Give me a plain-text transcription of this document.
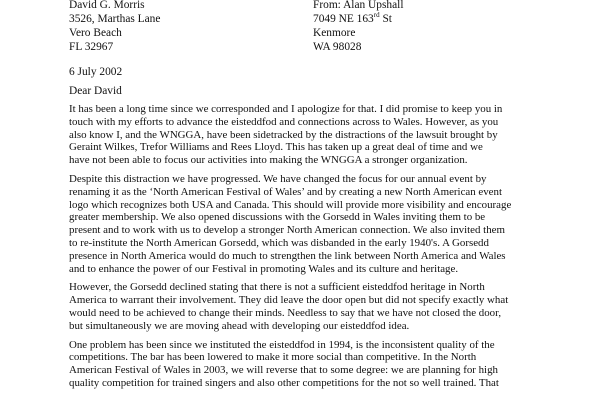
David G. Morris
3526, Marthas Lane
Vero Beach
FL 32967
From: Alan Upshall
7049 NE 163rd St
Kenmore
WA 98028
6 July 2002
Dear David
It has been a long time since we corresponded and I apologize for that. I did promise to keep you in
touch with my efforts to advance the eisteddfod and connections across to Wales. However, as you
also know I, and the WNGGA, have been sidetracked by the distractions of the lawsuit brought by
Geraint Wilkes, Trefor Williams and Rees Lloyd. This has taken up a great deal of time and we
have not been able to focus our activities into making the WNGGA a stronger organization.
Despite this distraction we have progressed. We have changed the focus for our annual event by
renaming it as the ‘North American Festival of Wales’ and by creating a new North American event
logo which recognizes both USA and Canada. This should will provide more visibility and encourage
greater membership. We also opened discussions with the Gorsedd in Wales inviting them to be
present and to work with us to develop a stronger North American connection. We also invited them
to re-institute the North American Gorsedd, which was disbanded in the early 1940's. A Gorsedd
presence in North America would do much to strengthen the link between North America and Wales
and to enhance the power of our Festival in promoting Wales and its culture and heritage.
However, the Gorsedd declined stating that there is not a sufficient eisteddfod heritage in North
America to warrant their involvement. They did leave the door open but did not specify exactly what
would need to be achieved to change their minds. Needless to say that we have not closed the door,
but simultaneously we are moving ahead with developing our eisteddfod idea.
One problem has been since we instituted the eisteddfod in 1994, is the inconsistent quality of the
competitions. The bar has been lowered to make it more social than competitive. In the North
American Festival of Wales in 2003, we will reverse that to some degree: we are planning for high
quality competition for trained singers and also other competitions for the not so well trained. That
